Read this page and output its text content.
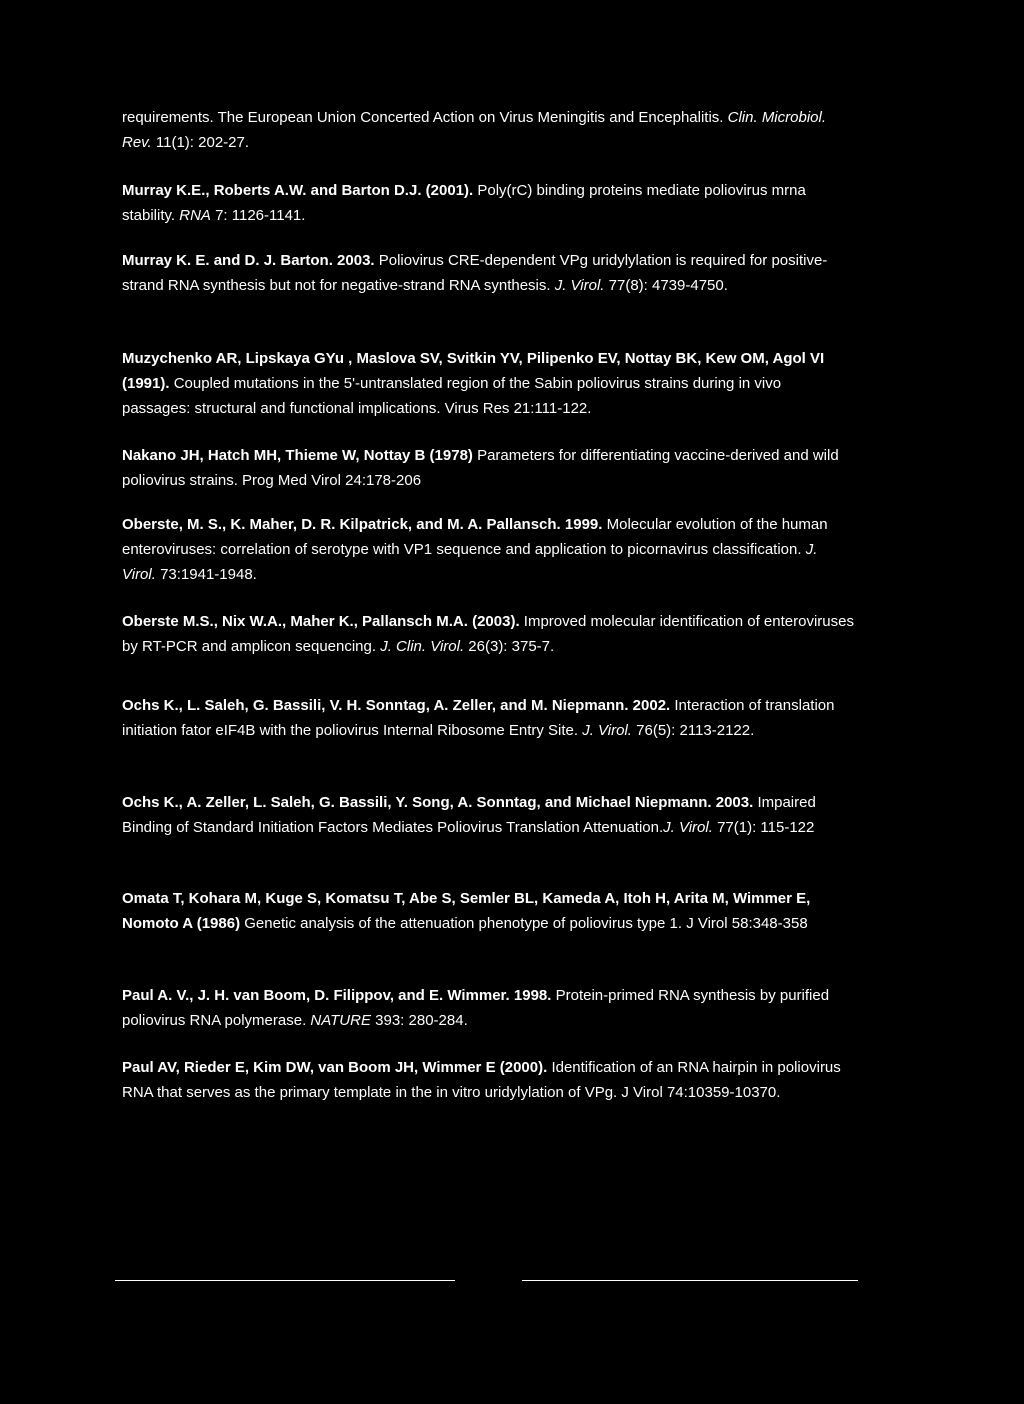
requirements. The European Union Concerted Action on Virus Meningitis and Encephalitis. Clin. Microbiol. Rev. 11(1): 202-27.

Murray K.E., Roberts A.W. and Barton D.J. (2001). Poly(rC) binding proteins mediate poliovirus mrna stability. RNA 7: 1126-1141.

Murray K. E. and D. J. Barton. 2003. Poliovirus CRE-dependent VPg uridylylation is required for positive-strand RNA synthesis but not for negative-strand RNA synthesis. J. Virol. 77(8): 4739-4750.

Muzychenko AR, Lipskaya GYu , Maslova SV, Svitkin YV, Pilipenko EV, Nottay BK, Kew OM, Agol VI (1991). Coupled mutations in the 5'-untranslated region of the Sabin poliovirus strains during in vivo passages: structural and functional implications. Virus Res 21:111-122.

Nakano JH, Hatch MH, Thieme W, Nottay B (1978) Parameters for differentiating vaccine-derived and wild poliovirus strains. Prog Med Virol 24:178-206

Oberste, M. S., K. Maher, D. R. Kilpatrick, and M. A. Pallansch. 1999. Molecular evolution of the human enteroviruses: correlation of serotype with VP1 sequence and application to picornavirus classification. J. Virol. 73:1941-1948.

Oberste M.S., Nix W.A., Maher K., Pallansch M.A. (2003). Improved molecular identification of enteroviruses by RT-PCR and amplicon sequencing. J. Clin. Virol. 26(3): 375-7.

Ochs K., L. Saleh, G. Bassili, V. H. Sonntag, A. Zeller, and M. Niepmann. 2002. Interaction of translation initiation fator eIF4B with the poliovirus Internal Ribosome Entry Site. J. Virol. 76(5): 2113-2122.

Ochs K., A. Zeller, L. Saleh, G. Bassili, Y. Song, A. Sonntag, and Michael Niepmann. 2003. Impaired Binding of Standard Initiation Factors Mediates Poliovirus Translation Attenuation.J. Virol. 77(1): 115-122

Omata T, Kohara M, Kuge S, Komatsu T, Abe S, Semler BL, Kameda A, Itoh H, Arita M, Wimmer E, Nomoto A (1986) Genetic analysis of the attenuation phenotype of poliovirus type 1. J Virol 58:348-358

Paul A. V., J. H. van Boom, D. Filippov, and E. Wimmer. 1998. Protein-primed RNA synthesis by purified poliovirus RNA polymerase. NATURE 393: 280-284.

Paul AV, Rieder E, Kim DW, van Boom JH, Wimmer E (2000). Identification of an RNA hairpin in poliovirus RNA that serves as the primary template in the in vitro uridylylation of VPg. J Virol 74:10359-10370.
